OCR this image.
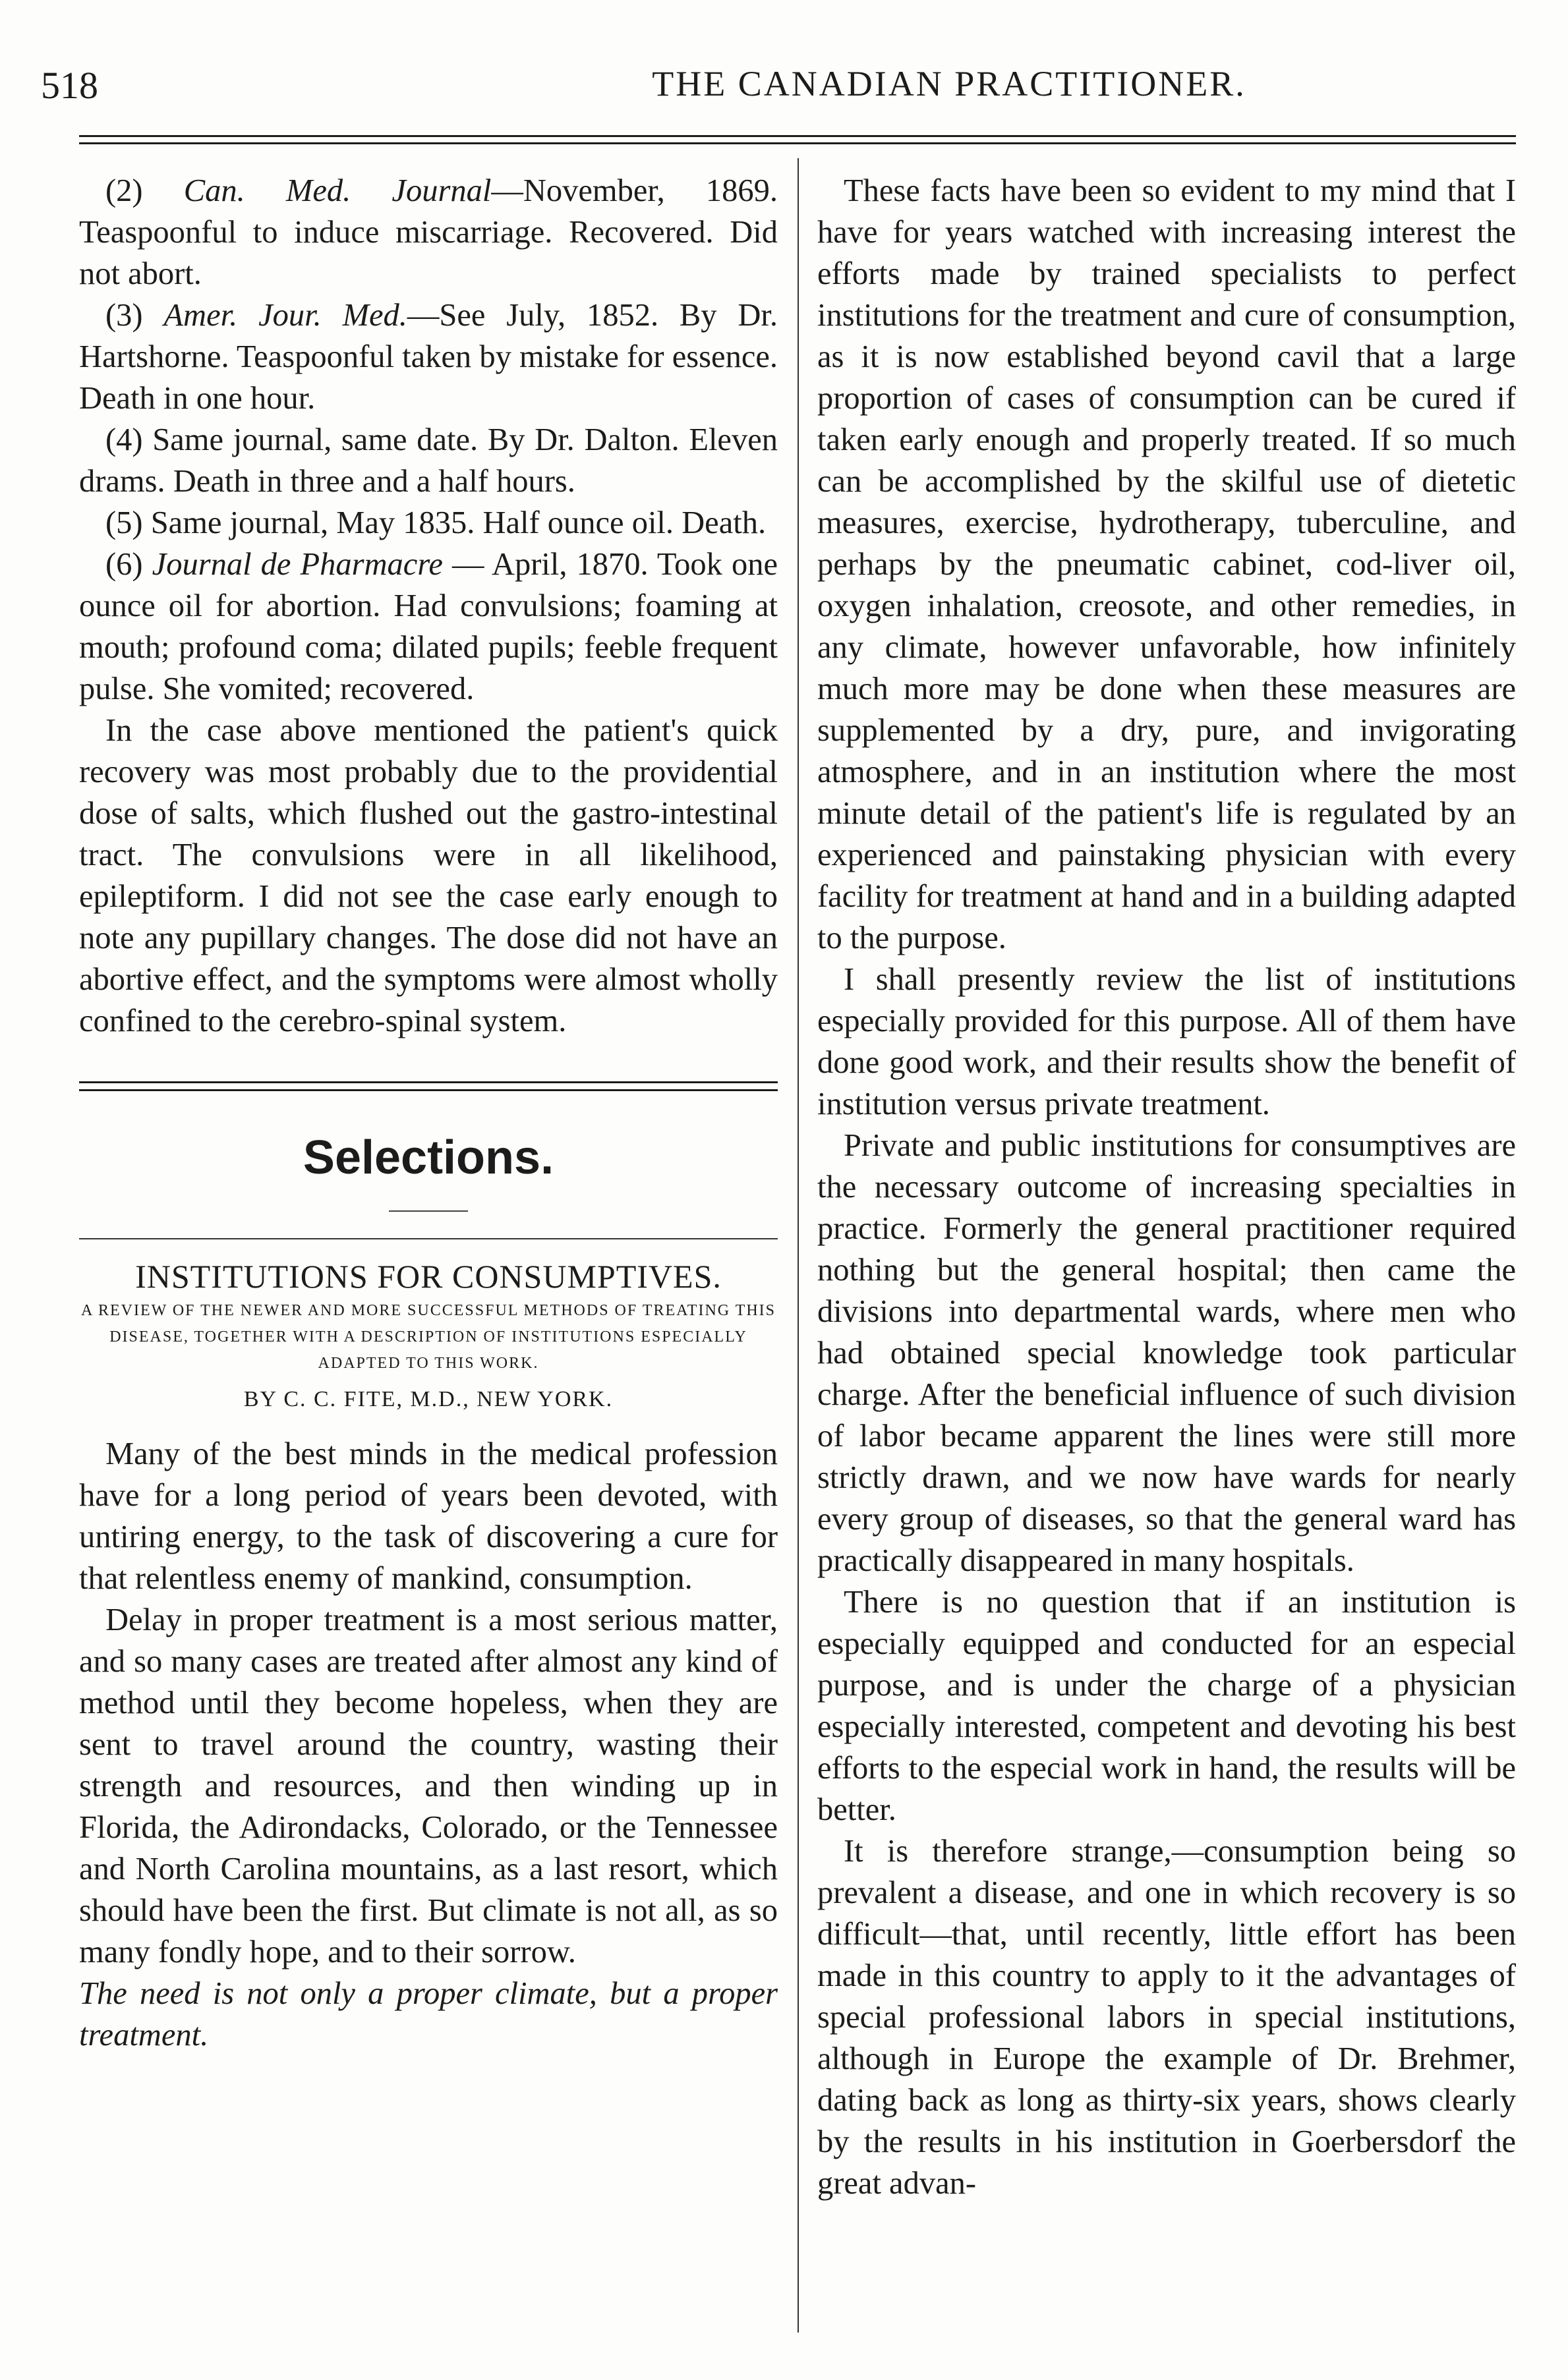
518	THE CANADIAN PRACTITIONER.

(2) Can. Med. Journal—November, 1869. Teaspoonful to induce miscarriage. Recovered. Did not abort.

(3) Amer. Jour. Med.—See July, 1852. By Dr. Hartshorne. Teaspoonful taken by mistake for essence. Death in one hour.

(4) Same journal, same date. By Dr. Dalton. Eleven drams. Death in three and a half hours.

(5) Same journal, May 1835. Half ounce oil. Death.

(6) Journal de Pharmacre — April, 1870. Took one ounce oil for abortion. Had convulsions; foaming at mouth; profound coma; dilated pupils; feeble frequent pulse. She vomited; recovered.

In the case above mentioned the patient's quick recovery was most probably due to the providential dose of salts, which flushed out the gastro-intestinal tract. The convulsions were in all likelihood, epileptiform. I did not see the case early enough to note any pupillary changes. The dose did not have an abortive effect, and the symptoms were almost wholly confined to the cerebro-spinal system.

Selections.
INSTITUTIONS FOR CONSUMPTIVES.

A REVIEW OF THE NEWER AND MORE SUCCESSFUL METHODS OF TREATING THIS DISEASE, TOGETHER WITH A DESCRIPTION OF INSTITUTIONS ESPECIALLY ADAPTED TO THIS WORK.

BY C. C. FITE, M.D., NEW YORK.

Many of the best minds in the medical profession have for a long period of years been devoted, with untiring energy, to the task of discovering a cure for that relentless enemy of mankind, consumption.

Delay in proper treatment is a most serious matter, and so many cases are treated after almost any kind of method until they become hopeless, when they are sent to travel around the country, wasting their strength and resources, and then winding up in Florida, the Adirondacks, Colorado, or the Tennessee and North Carolina mountains, as a last resort, which should have been the first. But climate is not all, as so many fondly hope, and to their sorrow.

The need is not only a proper climate, but a proper treatment.

These facts have been so evident to my mind that I have for years watched with increasing interest the efforts made by trained specialists to perfect institutions for the treatment and cure of consumption, as it is now established beyond cavil that a large proportion of cases of consumption can be cured if taken early enough and properly treated. If so much can be accomplished by the skilful use of dietetic measures, exercise, hydrotherapy, tuberculine, and perhaps by the pneumatic cabinet, cod-liver oil, oxygen inhalation, creosote, and other remedies, in any climate, however unfavorable, how infinitely much more may be done when these measures are supplemented by a dry, pure, and invigorating atmosphere, and in an institution where the most minute detail of the patient's life is regulated by an experienced and painstaking physician with every facility for treatment at hand and in a building adapted to the purpose.

I shall presently review the list of institutions especially provided for this purpose. All of them have done good work, and their results show the benefit of institution versus private treatment.

Private and public institutions for consumptives are the necessary outcome of increasing specialties in practice. Formerly the general practitioner required nothing but the general hospital; then came the divisions into departmental wards, where men who had obtained special knowledge took particular charge. After the beneficial influence of such division of labor became apparent the lines were still more strictly drawn, and we now have wards for nearly every group of diseases, so that the general ward has practically disappeared in many hospitals.

There is no question that if an institution is especially equipped and conducted for an especial purpose, and is under the charge of a physician especially interested, competent and devoting his best efforts to the especial work in hand, the results will be better.

It is therefore strange,—consumption being so prevalent a disease, and one in which recovery is so difficult—that, until recently, little effort has been made in this country to apply to it the advantages of special professional labors in special institutions, although in Europe the example of Dr. Brehmer, dating back as long as thirty-six years, shows clearly by the results in his institution in Goerbersdorf the great advan-
